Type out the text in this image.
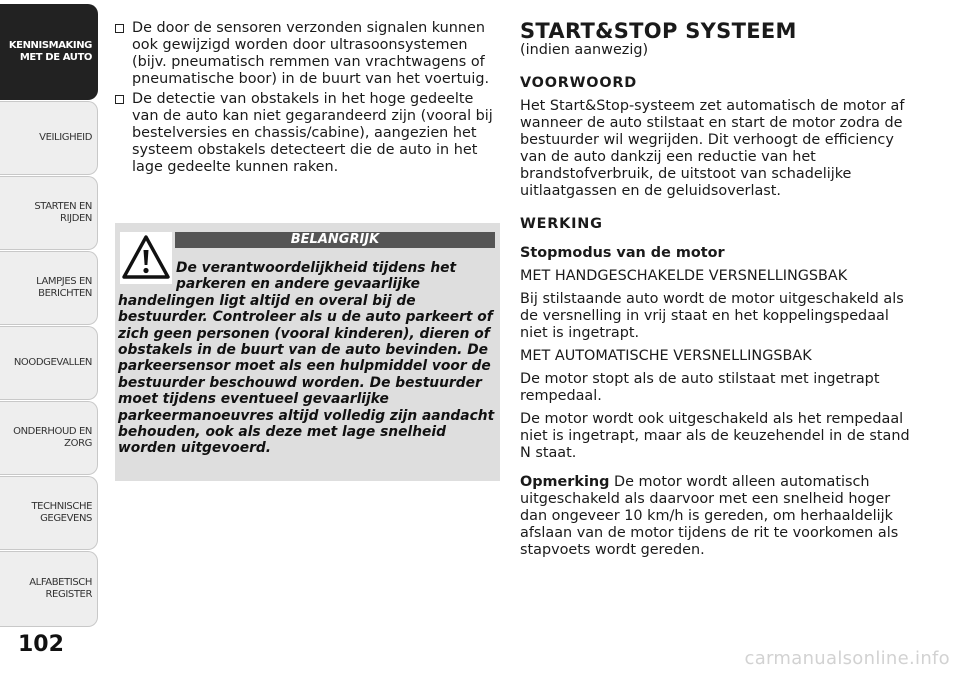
KENNISMAKING MET DE AUTO
VEILIGHEID
STARTEN EN RIJDEN
LAMPJES EN BERICHTEN
NOODGEVALLEN
ONDERHOUD EN ZORG
TECHNISCHE GEGEVENS
ALFABETISCH REGISTER
102
De door de sensoren verzonden signalen kunnen ook gewijzigd worden door ultrasoonsystemen (bijv. pneumatisch remmen van vrachtwagens of pneumatische boor) in de buurt van het voertuig.
De detectie van obstakels in het hoge gedeelte van de auto kan niet gegarandeerd zijn (vooral bij bestelversies en chassis/cabine), aangezien het systeem obstakels detecteert die de auto in het lage gedeelte kunnen raken.
BELANGRIJK
De verantwoordelijkheid tijdens het parkeren en andere gevaarlijke handelingen ligt altijd en overal bij de bestuurder. Controleer als u de auto parkeert of zich geen personen (vooral kinderen), dieren of obstakels in de buurt van de auto bevinden. De parkeersensor moet als een hulpmiddel voor de bestuurder beschouwd worden. De bestuurder moet tijdens eventueel gevaarlijke parkeermanoeuvres altijd volledig zijn aandacht behouden, ook als deze met lage snelheid worden uitgevoerd.
START&STOP SYSTEEM

(indien aanwezig)

VOORWOORD

Het Start&Stop-systeem zet automatisch de motor af wanneer de auto stilstaat en start de motor zodra de bestuurder wil wegrijden. Dit verhoogt de efficiency van de auto dankzij een reductie van het brandstofverbruik, de uitstoot van schadelijke uitlaatgassen en de geluidsoverlast.

WERKING
Stopmodus van de motor

MET HANDGESCHAKELDE VERSNELLINGSBAK

Bij stilstaande auto wordt de motor uitgeschakeld als de versnelling in vrij staat en het koppelingspedaal niet is ingetrapt.

MET AUTOMATISCHE VERSNELLINGSBAK

De motor stopt als de auto stilstaat met ingetrapt rempedaal.

De motor wordt ook uitgeschakeld als het rempedaal niet is ingetrapt, maar als de keuzehendel in de stand N staat.

Opmerking De motor wordt alleen automatisch uitgeschakeld als daarvoor met een snelheid hoger dan ongeveer 10 km/h is gereden, om herhaaldelijk afslaan van de motor tijdens de rit te voorkomen als stapvoets wordt gereden.

carmanualsonline.info
